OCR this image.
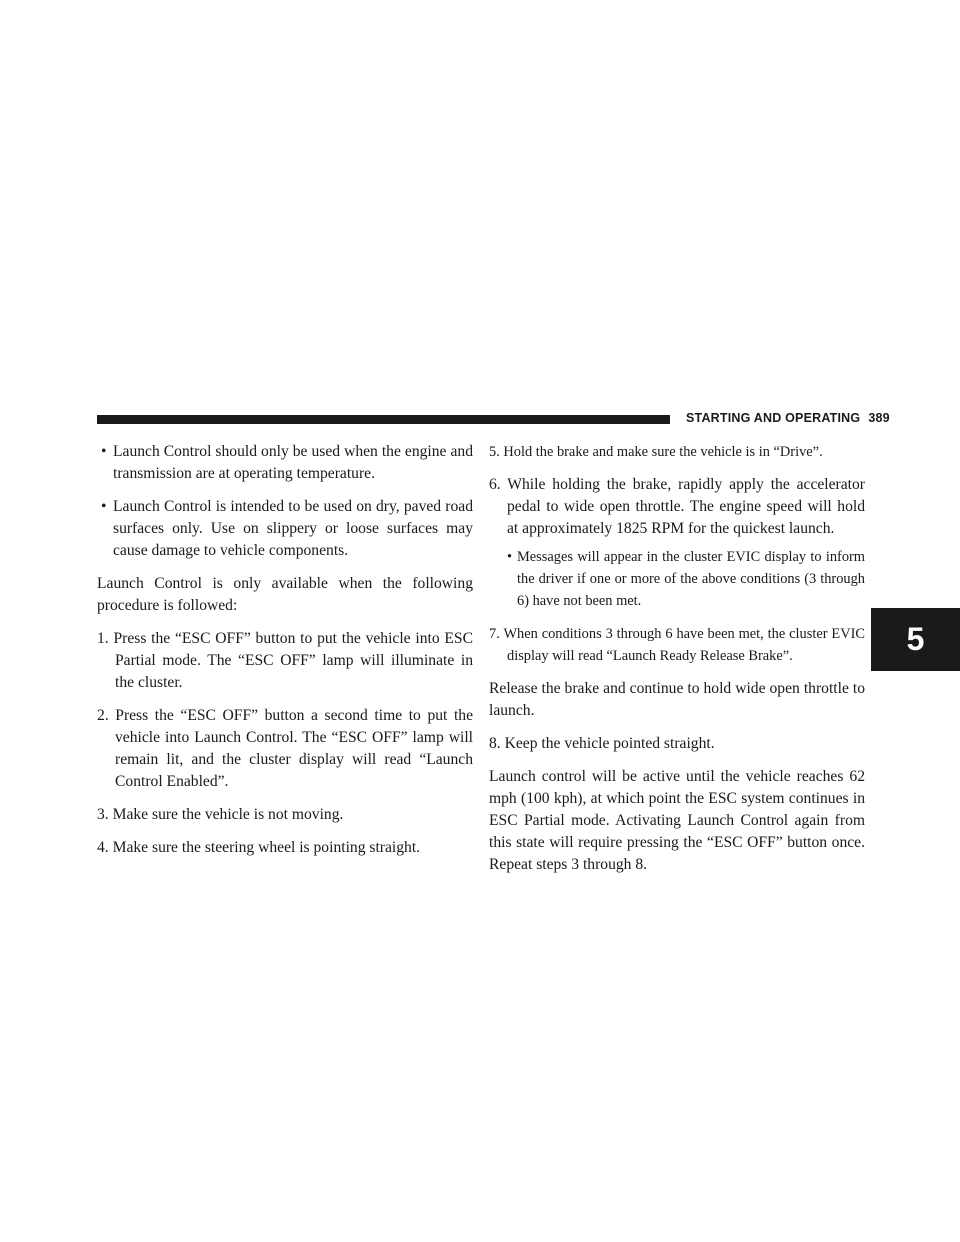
STARTING AND OPERATING 389
5

• Launch Control should only be used when the engine and transmission are at operating temperature.

• Launch Control is intended to be used on dry, paved road surfaces only. Use on slippery or loose surfaces may cause damage to vehicle components.

Launch Control is only available when the following procedure is followed:

1. Press the “ESC OFF” button to put the vehicle into ESC Partial mode. The “ESC OFF” lamp will illuminate in the cluster.

2. Press the “ESC OFF” button a second time to put the vehicle into Launch Control. The “ESC OFF” lamp will remain lit, and the cluster display will read “Launch Control Enabled”.

3. Make sure the vehicle is not moving.

4. Make sure the steering wheel is pointing straight.

5. Hold the brake and make sure the vehicle is in “Drive”.

6. While holding the brake, rapidly apply the accelerator pedal to wide open throttle. The engine speed will hold at approximately 1825 RPM for the quickest launch.

• Messages will appear in the cluster EVIC display to inform the driver if one or more of the above conditions (3 through 6) have not been met.

7. When conditions 3 through 6 have been met, the cluster EVIC display will read “Launch Ready Release Brake”.

Release the brake and continue to hold wide open throttle to launch.

8. Keep the vehicle pointed straight.

Launch control will be active until the vehicle reaches 62 mph (100 kph), at which point the ESC system continues in ESC Partial mode. Activating Launch Control again from this state will require pressing the “ESC OFF” button once. Repeat steps 3 through 8.
